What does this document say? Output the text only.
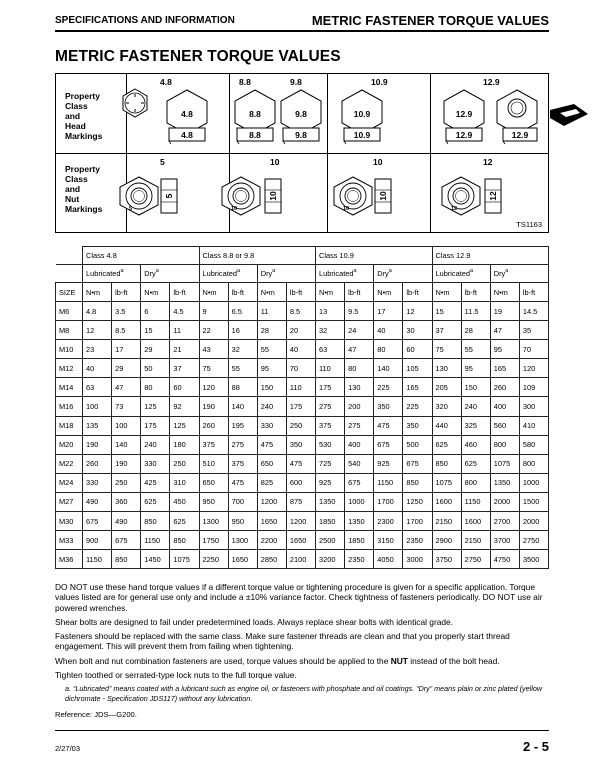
SPECIFICATIONS AND INFORMATION	METRIC FASTENER TORQUE VALUES
METRIC FASTENER TORQUE VALUES
Property
Class
and
Head
Markings
4.8	8.8	9.8	10.9	12.9
4.8
4.8
8.8
8.8
9.8
9.8
10.9
10.9
12.9
12.9	12.9
Property
Class
and
Nut
Markings
5	10	10	12
TS1163
5
5
10
10
10
10
12
12
	Class 4.8				Class 8.8 or 9.8				Class 10.9				Class 12.9			
	Lubricated$^a$		Dry$^a$		Lubricated$^a$		Dry$^a$		Lubricated$^a$		Dry$^a$		Lubricated$^a$		Dry$^a$
SIZE	N•m	lb-ft	N•m	lb-ft	N•m	lb-ft	N•m	lb-ft	N•m	lb-ft	N•m	lb-ft	N•m	lb-ft	N•m	lb-ft
M6	4.8	3.5	6	4.5	9	6.5	11	8.5	13	9.5	17	12	15	11.5	19	14.5
M8	12	8.5	15	11	22	16	28	20	32	24	40	30	37	28	47	35
M10	23	17	29	21	43	32	55	40	63	47	80	60	75	55	95	70
M12	40	29	50	37	75	55	95	70	110	80	140	105	130	95	165	120
M14	63	47	80	60	120	88	150	110	175	130	225	165	205	150	260	109
M16	100	73	125	92	190	140	240	175	275	200	350	225	320	240	400	300
M18	135	100	175	125	260	195	330	250	375	275	475	350	440	325	560	410
M20	190	140	240	180	375	275	475	350	530	400	675	500	625	460	800	580
M22	260	190	330	250	510	375	650	475	725	540	925	675	850	625	1075	800
M24	330	250	425	310	650	475	825	600	925	675	1150	850	1075	800	1350	1000
M27	490	360	625	450	950	700	1200	875	1350	1000	1700	1250	1600	1150	2000	1500
M30	675	490	850	625	1300	950	1650	1200	1850	1350	2300	1700	2150	1600	2700	2000
M33	900	675	1150	850	1750	1300	2200	1650	2500	1850	3150	2350	2900	2150	3700	2750
M36	1150	850	1450	1075	2250	1650	2850	2100	3200	2350	4050	3000	3750	2750	4750	3500

DO NOT use these hand torque values if a different torque value or tightening procedure is given for a specific application. Torque values listed are for general use only and include a ±10% variance factor. Check tightness of fasteners periodically. DO NOT use air powered wrenches.

Shear bolts are designed to fail under predetermined loads. Always replace shear bolts with identical grade.

Fasteners should be replaced with the same class. Make sure fastener threads are clean and that you properly start thread engagement. This will prevent them from failing when tightening.

When bolt and nut combination fasteners are used, torque values should be applied to the NUT instead of the bolt head.

Tighten toothed or serrated-type lock nuts to the full torque value.

a. “Lubricated” means coated with a lubricant such as engine oil, or fasteners with phosphate and oil coatings. “Dry” means plain or zinc plated (yellow dichromate - Specification JDS117) without any lubrication.

Reference: JDS—G200.
2/27/03	2 - 5
